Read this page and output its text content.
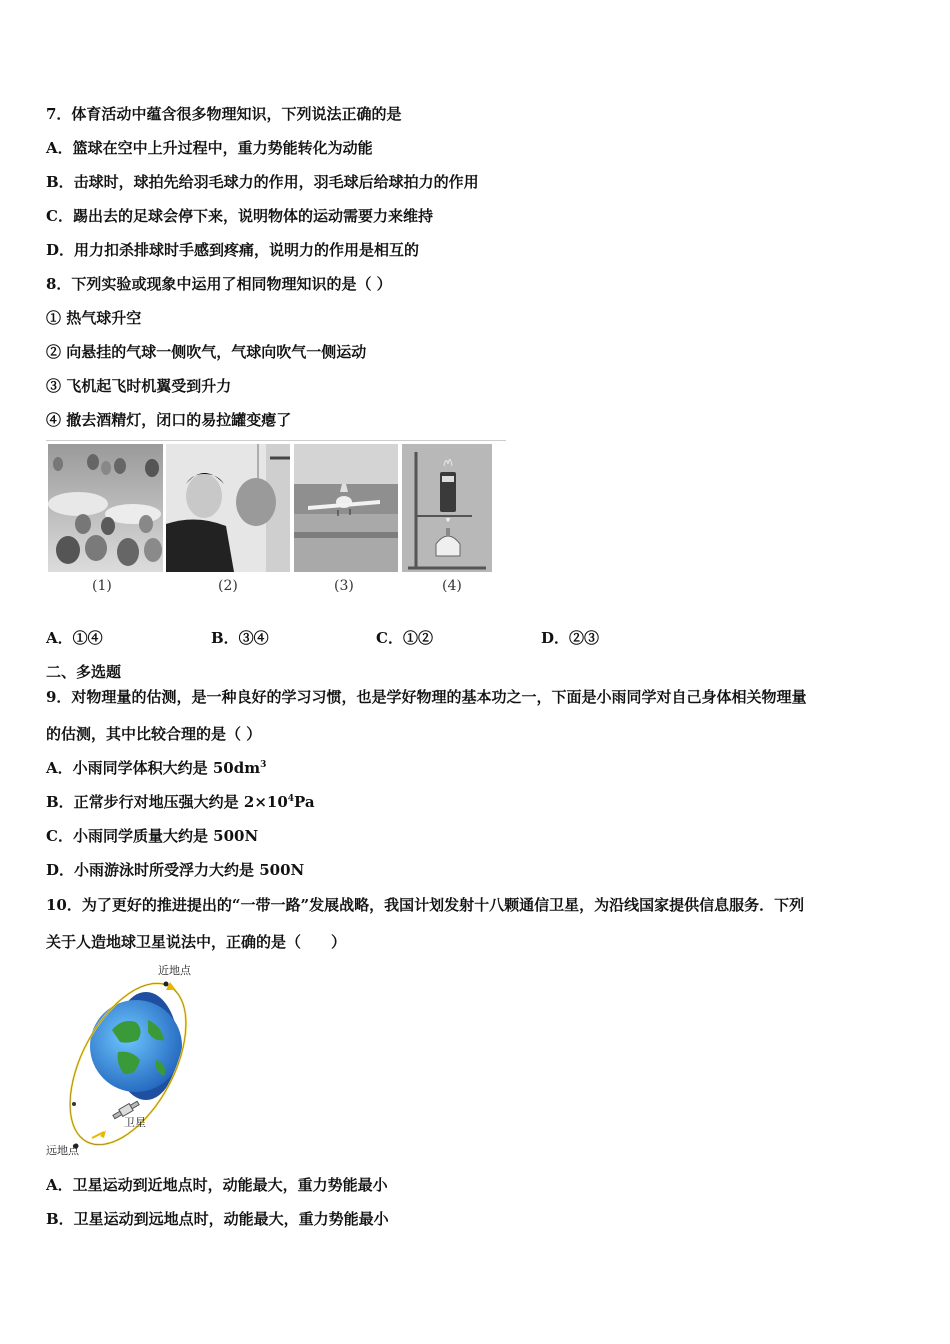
7．体育活动中蕴含很多物理知识，下列说法正确的是
A．篮球在空中上升过程中，重力势能转化为动能
B．击球时，球拍先给羽毛球力的作用，羽毛球后给球拍力的作用
C．踢出去的足球会停下来，说明物体的运动需要力来维持
D．用力扣杀排球时手感到疼痛，说明力的作用是相互的
8．下列实验或现象中运用了相同物理知识的是（ ）
① 热气球升空
② 向悬挂的气球一侧吹气，气球向吹气一侧运动
③ 飞机起飞时机翼受到升力
④ 撤去酒精灯，闭口的易拉罐变瘪了
(1)	(2)	(3)	(4)
A．①④	B．③④	C．①②	D．②③
二、多选题
9．对物理量的估测，是一种良好的学习习惯，也是学好物理的基本功之一，下面是小雨同学对自己身体相关物理量
的估测，其中比较合理的是（ ）
A．小雨同学体积大约是 $50dm^3$
B．正常步行对地压强大约是 $2\times 10^4Pa$
C．小雨同学质量大约是 500N
D．小雨游泳时所受浮力大约是 500N
10．为了更好的推进提出的“一带一路”发展战略，我国计划发射十八颗通信卫星，为沿线国家提供信息服务．下列
关于人造地球卫星说法中，正确的是（　　）
近地点
远地点
卫星
A．卫星运动到近地点时，动能最大，重力势能最小
B．卫星运动到远地点时，动能最大，重力势能最小
